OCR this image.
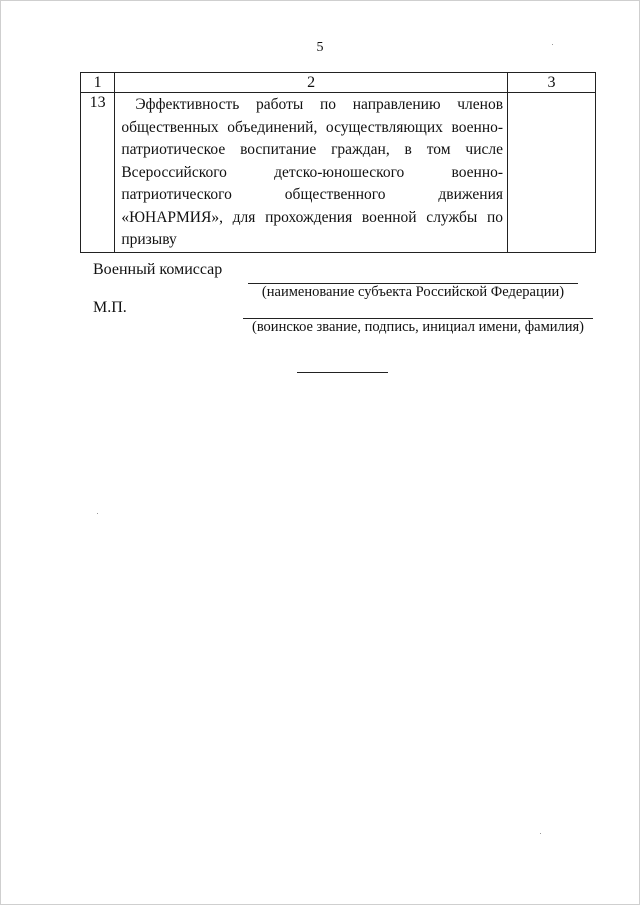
5
1	2	3
13	Эффективность работы по направлению членов общественных объединений, осуществляющих военно-патриотическое воспитание граждан, в том числе Всероссийского детско-юношеского военно-патриотического общественного движения «ЮНАРМИЯ», для прохождения военной службы по призыву	
Военный комиссар
(наименование субъекта Российской Федерации)
М.П.
(воинское звание, подпись, инициал имени, фамилия)
